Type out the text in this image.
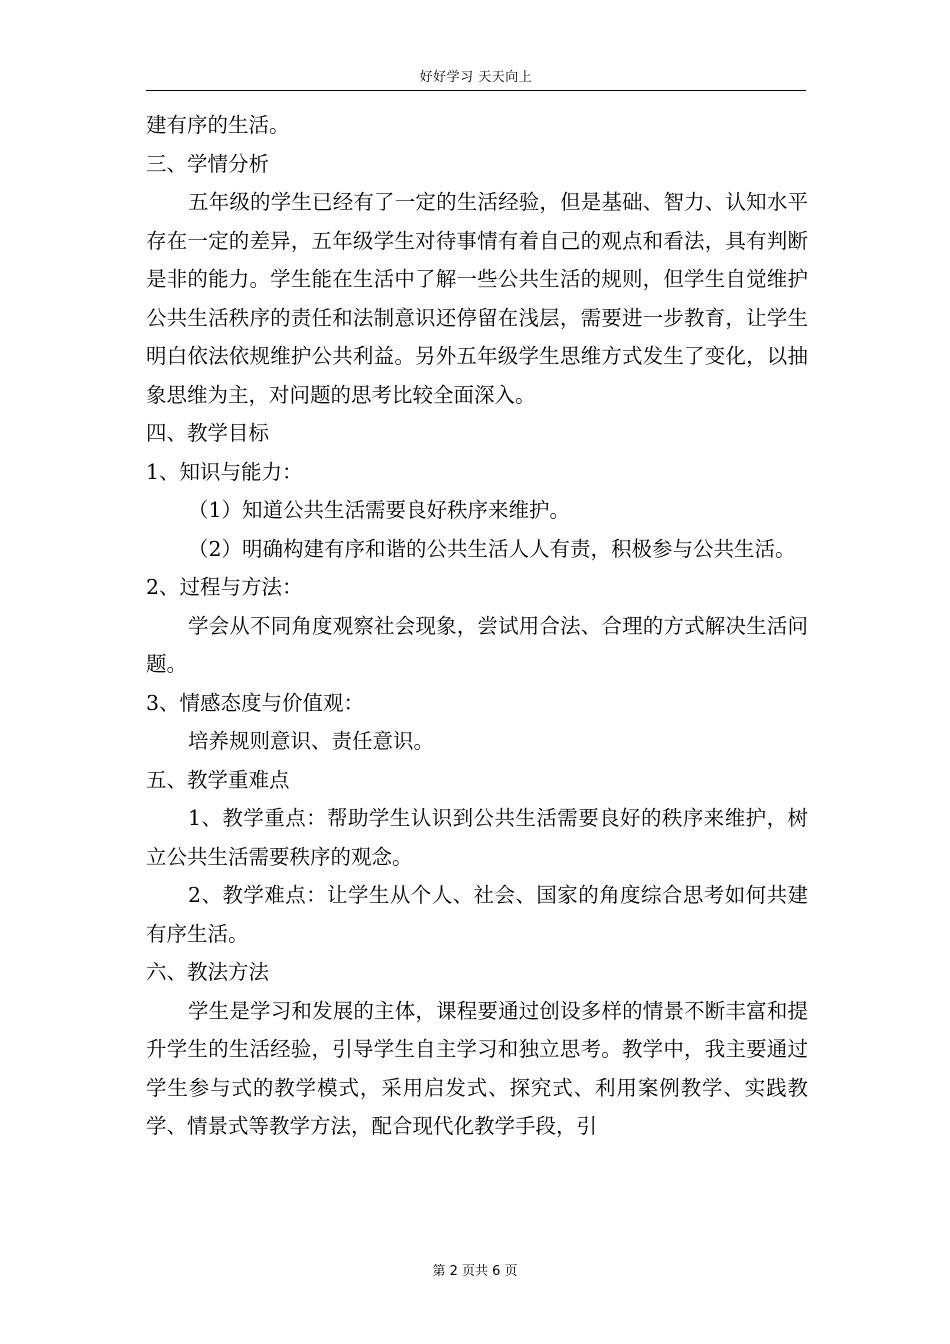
好好学习 天天向上

建有序的生活。

三、学情分析

五年级的学生已经有了一定的生活经验，但是基础、智力、认知水平存在一定的差异，五年级学生对待事情有着自己的观点和看法，具有判断是非的能力。学生能在生活中了解一些公共生活的规则，但学生自觉维护公共生活秩序的责任和法制意识还停留在浅层，需要进一步教育，让学生明白依法依规维护公共利益。另外五年级学生思维方式发生了变化，以抽象思维为主，对问题的思考比较全面深入。

四、教学目标

1、知识与能力：

（1）知道公共生活需要良好秩序来维护。

（2）明确构建有序和谐的公共生活人人有责，积极参与公共生活。

2、过程与方法：

学会从不同角度观察社会现象，尝试用合法、合理的方式解决生活问题。

3、情感态度与价值观：

培养规则意识、责任意识。

五、教学重难点

1、教学重点：帮助学生认识到公共生活需要良好的秩序来维护，树立公共生活需要秩序的观念。

2、教学难点：让学生从个人、社会、国家的角度综合思考如何共建有序生活。

六、教法方法

学生是学习和发展的主体，课程要通过创设多样的情景不断丰富和提升学生的生活经验，引导学生自主学习和独立思考。教学中，我主要通过学生参与式的教学模式，采用启发式、探究式、利用案例教学、实践教学、情景式等教学方法，配合现代化教学手段，引

第 2 页共 6 页
